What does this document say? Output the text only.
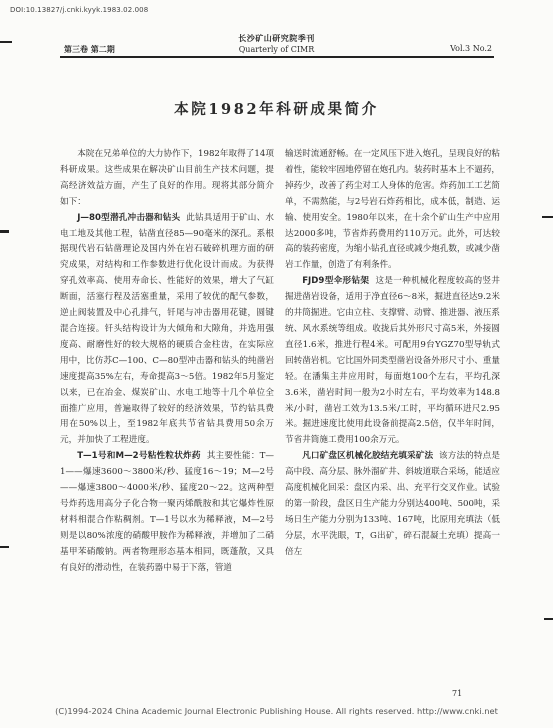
DOI:10.13827/j.cnki.kyyk.1983.02.008
长沙矿山研究院季刊
Quarterly of CIMR
第三卷 第二期	Vol.3 No.2
本院1982年科研成果简介

本院在兄弟单位的大力协作下，1982年取得了14项科研成果。这些成果在解决矿山目前生产技术问题，提高经济效益方面，产生了良好的作用。现将其部分简介如下：

J—80型潜孔冲击器和钻头 此钻具适用于矿山、水电工地及其他工程，钻凿直径85—90毫米的深孔。系根据现代岩石钻凿理论及国内外在岩石破碎机理方面的研究成果，对结构和工作参数进行优化设计而成。为获得穿孔效率高、使用寿命长、性能好的效果，增大了气缸断面，活塞行程及活塞重量，采用了较优的配气参数，逆止阀装置及中心孔排气，钎尾与冲击器用花键，圆键混合连接。钎头结构设计为大倾角和大隙角，并选用强度高、耐磨性好的较大规格的硬质合金柱齿，在实际应用中，比仿苏C—100、C—80型冲击器和钻头的纯凿岩速度提高35%左右，寿命提高3～5倍。1982年5月鉴定以来，已在冶金、煤炭矿山、水电工地等十几个单位全面推广应用，普遍取得了较好的经济效果，节约钻具费用在50%以上，至1982年底共节省钻具费用50余万元，并加快了工程进度。

T—1号和M—2号粘性粒状炸药 其主要性能：T—1——爆速3600～3800米/秒、猛度16～19；M—2号——爆速3800～4000米/秒、猛度20～22。这两种型号炸药选用高分子化合物一聚丙烯酰胺和其它爆炸性原材料相混合作粘稠剂。T—1号以水为稀释液，M—2号则是以80%浓度的硝酸甲胺作为稀释液，并增加了二硝基甲苯硝酸钠。两者物理形态基本相同，既蓬散，又具有良好的滑动性，在装药器中易于下落，管道

输送时流通舒畅。在一定风压下进入炮孔，呈现良好的粘着性，能较牢固地停留在炮孔内。装药时基本上不逼药，掉药少，改善了药尘对工人身体的危害。炸药加工工艺简单，不需熬能，与2号岩石炸药相比，成本低，制造、运输、使用安全。1980年以来，在十余个矿山生产中应用达2000多吨，节省炸药费用约110万元。此外，可达较高的装药密度，为缩小钻孔直径或减少炮孔数，或减少凿岩工作量，创造了有利条件。

FJD9型伞形钻架 这是一种机械化程度较高的竖井掘进凿岩设备，适用于净直径6～8米，掘进直径达9.2米的井筒掘进。它由立柱、支撑臂、动臂、推进器、液压系统、风水系统等组成。收拢后其外形尺寸高5米，外接圆直径1.6米，推进行程4米。可配用9台YGZ70型导轨式回转凿岩机。它比国外同类型凿岩设备外形尺寸小、重量轻。在潘集主井应用时，每面炮100个左右，平均孔深3.6米，凿岩时间一般为2小时左右，平均效率为148.8米/小时，凿岩工效为13.5米/工时，平均循环进尺2.95米。掘进速度比使用此设备前提高2.5倍，仅半年时间，节省井筒施工费用100余万元。

凡口矿盘区机械化胶结充填采矿法 该方法的特点是高中段、高分层、脉外溜矿井、斜坡道联合采场，能适应高度机械化回采：盘区内采、出、充平行交叉作业。试验的第一阶段，盘区日生产能力分别达400吨、500吨，采场日生产能力分别为133吨、167吨，比原用充填法（低分层，水平洗眼，T，G出矿，碎石混凝土充填）提高一倍左

71
(C)1994-2024 China Academic Journal Electronic Publishing House. All rights reserved. http://www.cnki.net
